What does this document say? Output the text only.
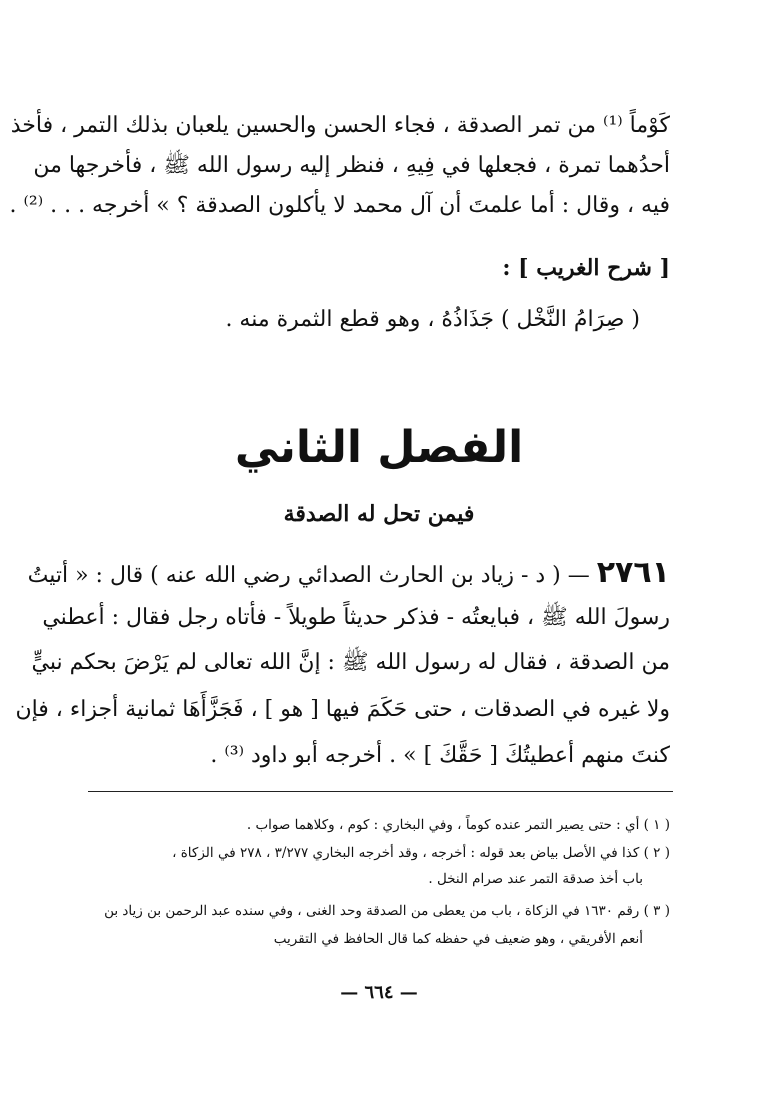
كَوْماً ⁽¹⁾ من تمر الصدقة ، فجاء الحسن والحسين يلعبان بذلك التمر ، فأخذ
أحدُهما تمرة ، فجعلها في فِيهِ ، فنظر إليه رسول الله ﷺ ، فأخرجها من
فيه ، وقال : أما علمتَ أن آل محمد لا يأكلون الصدقة ؟ » أخرجه . . . ⁽²⁾ .
[ شرح الغريب ] :
( صِرَامُ النَّخْل ) جَذَاذُهُ ، وهو قطع الثمرة منه .
الفصل الثاني
فيمن تحل له الصدقة
٢٧٦١ — ( د - زياد بن الحارث الصدائي رضي الله عنه ) قال : « أتيتُ
رسولَ الله ﷺ ، فبايعتُه - فذكر حديثاً طويلاً - فأتاه رجل فقال : أعطني
من الصدقة ، فقال له رسول الله ﷺ : إنَّ الله تعالى لم يَرْضَ بحكم نبيٍّ
ولا غيره في الصدقات ، حتى حَكَمَ فيها [ هو ] ، فَجَزَّأَهَا ثمانية أجزاء ، فإن
كنتَ منهم أعطيتُكَ [ حَقَّكَ ] » . أخرجه أبو داود ⁽³⁾ .
( ١ ) أي : حتى يصير التمر عنده كوماً ، وفي البخاري : كوم ، وكلاهما صواب .
( ٢ ) كذا في الأصل بياض بعد قوله : أخرجه ، وقد أخرجه البخاري ٣/٢٧٧ ، ٢٧٨ في الزكاة ،
باب أخذ صدقة التمر عند صرام النخل .
( ٣ ) رقم ١٦٣٠ في الزكاة ، باب من يعطى من الصدقة وحد الغنى ، وفي سنده عبد الرحمن بن زياد بن
أنعم الأفريقي ، وهو ضعيف في حفظه كما قال الحافظ في التقريب
— ٦٦٤ —
